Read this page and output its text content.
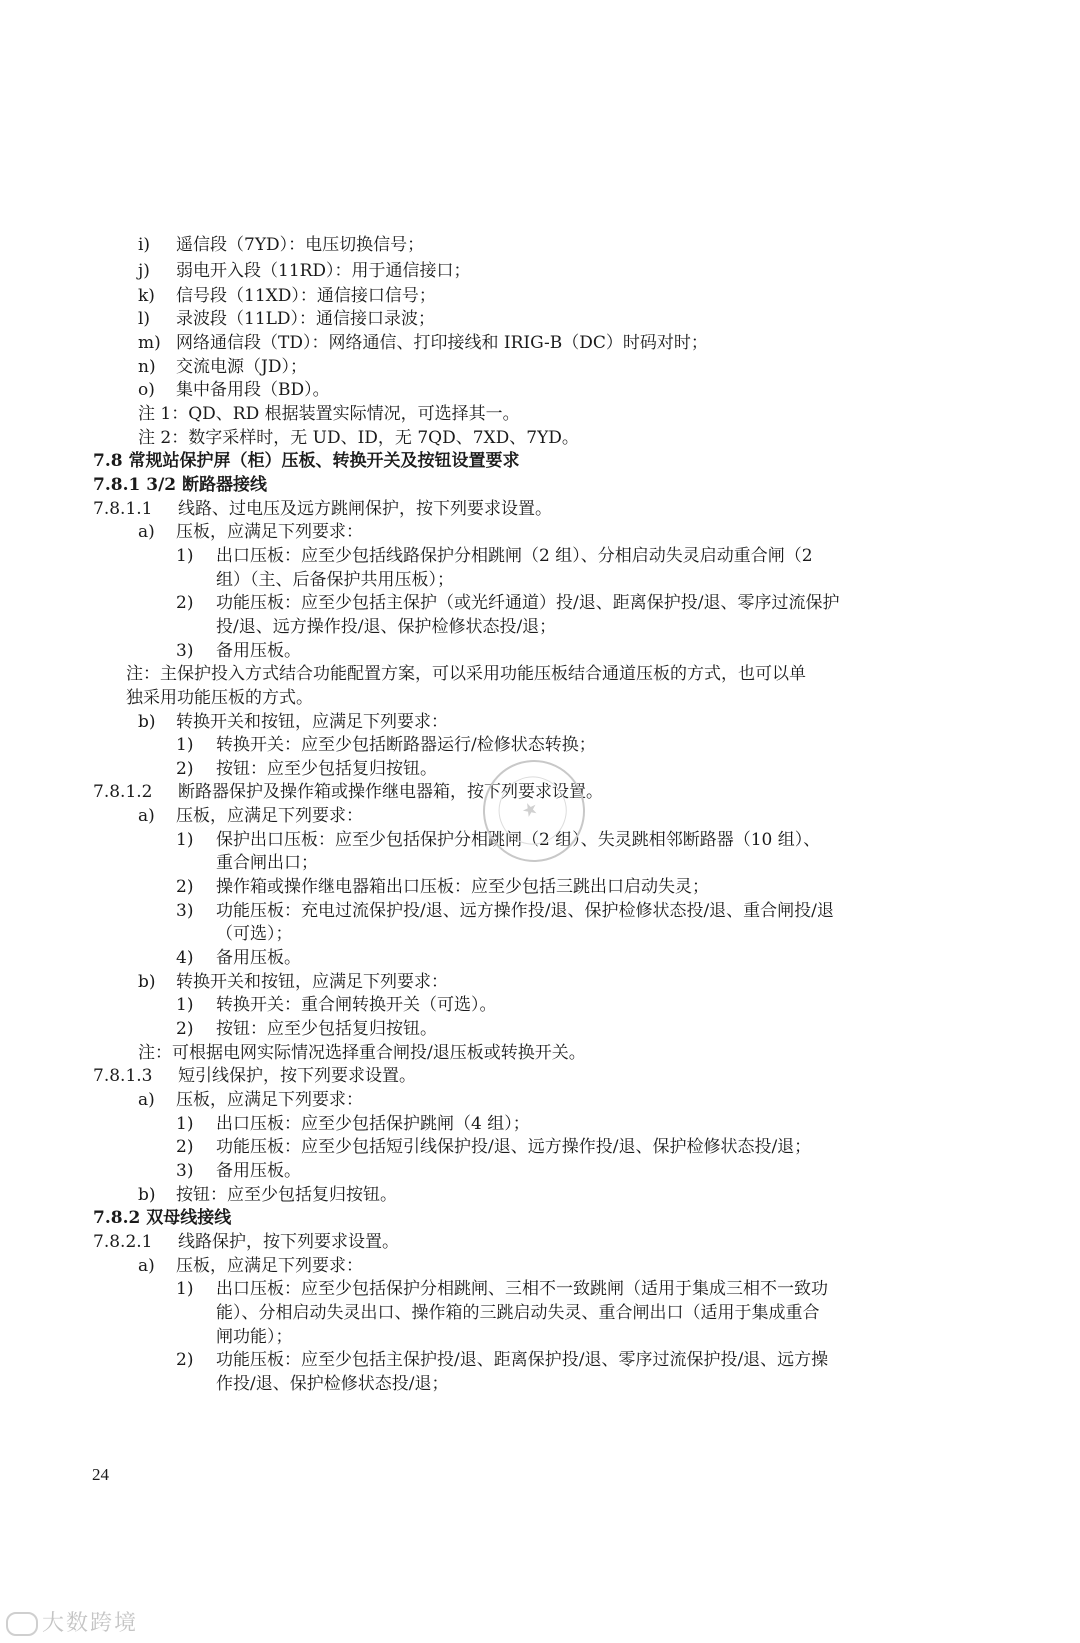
i) 遥信段（7YD）：电压切换信号；
j) 弱电开入段（11RD）：用于通信接口；
k) 信号段（11XD）：通信接口信号；
l) 录波段（11LD）：通信接口录波；
m) 网络通信段（TD）：网络通信、打印接线和 IRIG-B（DC）时码对时；
n) 交流电源（JD）；
o) 集中备用段（BD）。
注 1：QD、RD 根据装置实际情况，可选择其一。
注 2：数字采样时，无 UD、ID，无 7QD、7XD、7YD。
7.8 常规站保护屏（柜）压板、转换开关及按钮设置要求
7.8.1 3/2 断路器接线
7.8.1.1 线路、过电压及远方跳闸保护，按下列要求设置。
a) 压板，应满足下列要求：
1) 出口压板：应至少包括线路保护分相跳闸（2 组）、分相启动失灵启动重合闸（2
组）（主、后备保护共用压板）；
2) 功能压板：应至少包括主保护（或光纤通道）投/退、距离保护投/退、零序过流保护
投/退、远方操作投/退、保护检修状态投/退；
3) 备用压板。
注：主保护投入方式结合功能配置方案，可以采用功能压板结合通道压板的方式，也可以单
独采用功能压板的方式。
b) 转换开关和按钮，应满足下列要求：
1) 转换开关：应至少包括断路器运行/检修状态转换；
2) 按钮：应至少包括复归按钮。
7.8.1.2 断路器保护及操作箱或操作继电器箱，按下列要求设置。
a) 压板，应满足下列要求：
1) 保护出口压板：应至少包括保护分相跳闸（2 组）、失灵跳相邻断路器（10 组）、
重合闸出口；
2) 操作箱或操作继电器箱出口压板：应至少包括三跳出口启动失灵；
3) 功能压板：充电过流保护投/退、远方操作投/退、保护检修状态投/退、重合闸投/退
（可选）；
4) 备用压板。
b) 转换开关和按钮，应满足下列要求：
1) 转换开关：重合闸转换开关（可选）。
2) 按钮：应至少包括复归按钮。
注：可根据电网实际情况选择重合闸投/退压板或转换开关。
7.8.1.3 短引线保护，按下列要求设置。
a) 压板，应满足下列要求：
1) 出口压板：应至少包括保护跳闸（4 组）；
2) 功能压板：应至少包括短引线保护投/退、远方操作投/退、保护检修状态投/退；
3) 备用压板。
b) 按钮：应至少包括复归按钮。
7.8.2 双母线接线
7.8.2.1 线路保护，按下列要求设置。
a) 压板，应满足下列要求：
1) 出口压板：应至少包括保护分相跳闸、三相不一致跳闸（适用于集成三相不一致功
能）、分相启动失灵出口、操作箱的三跳启动失灵、重合闸出口（适用于集成重合
闸功能）；
2) 功能压板：应至少包括主保护投/退、距离保护投/退、零序过流保护投/退、远方操
作投/退、保护检修状态投/退；
★
24
大数跨境
